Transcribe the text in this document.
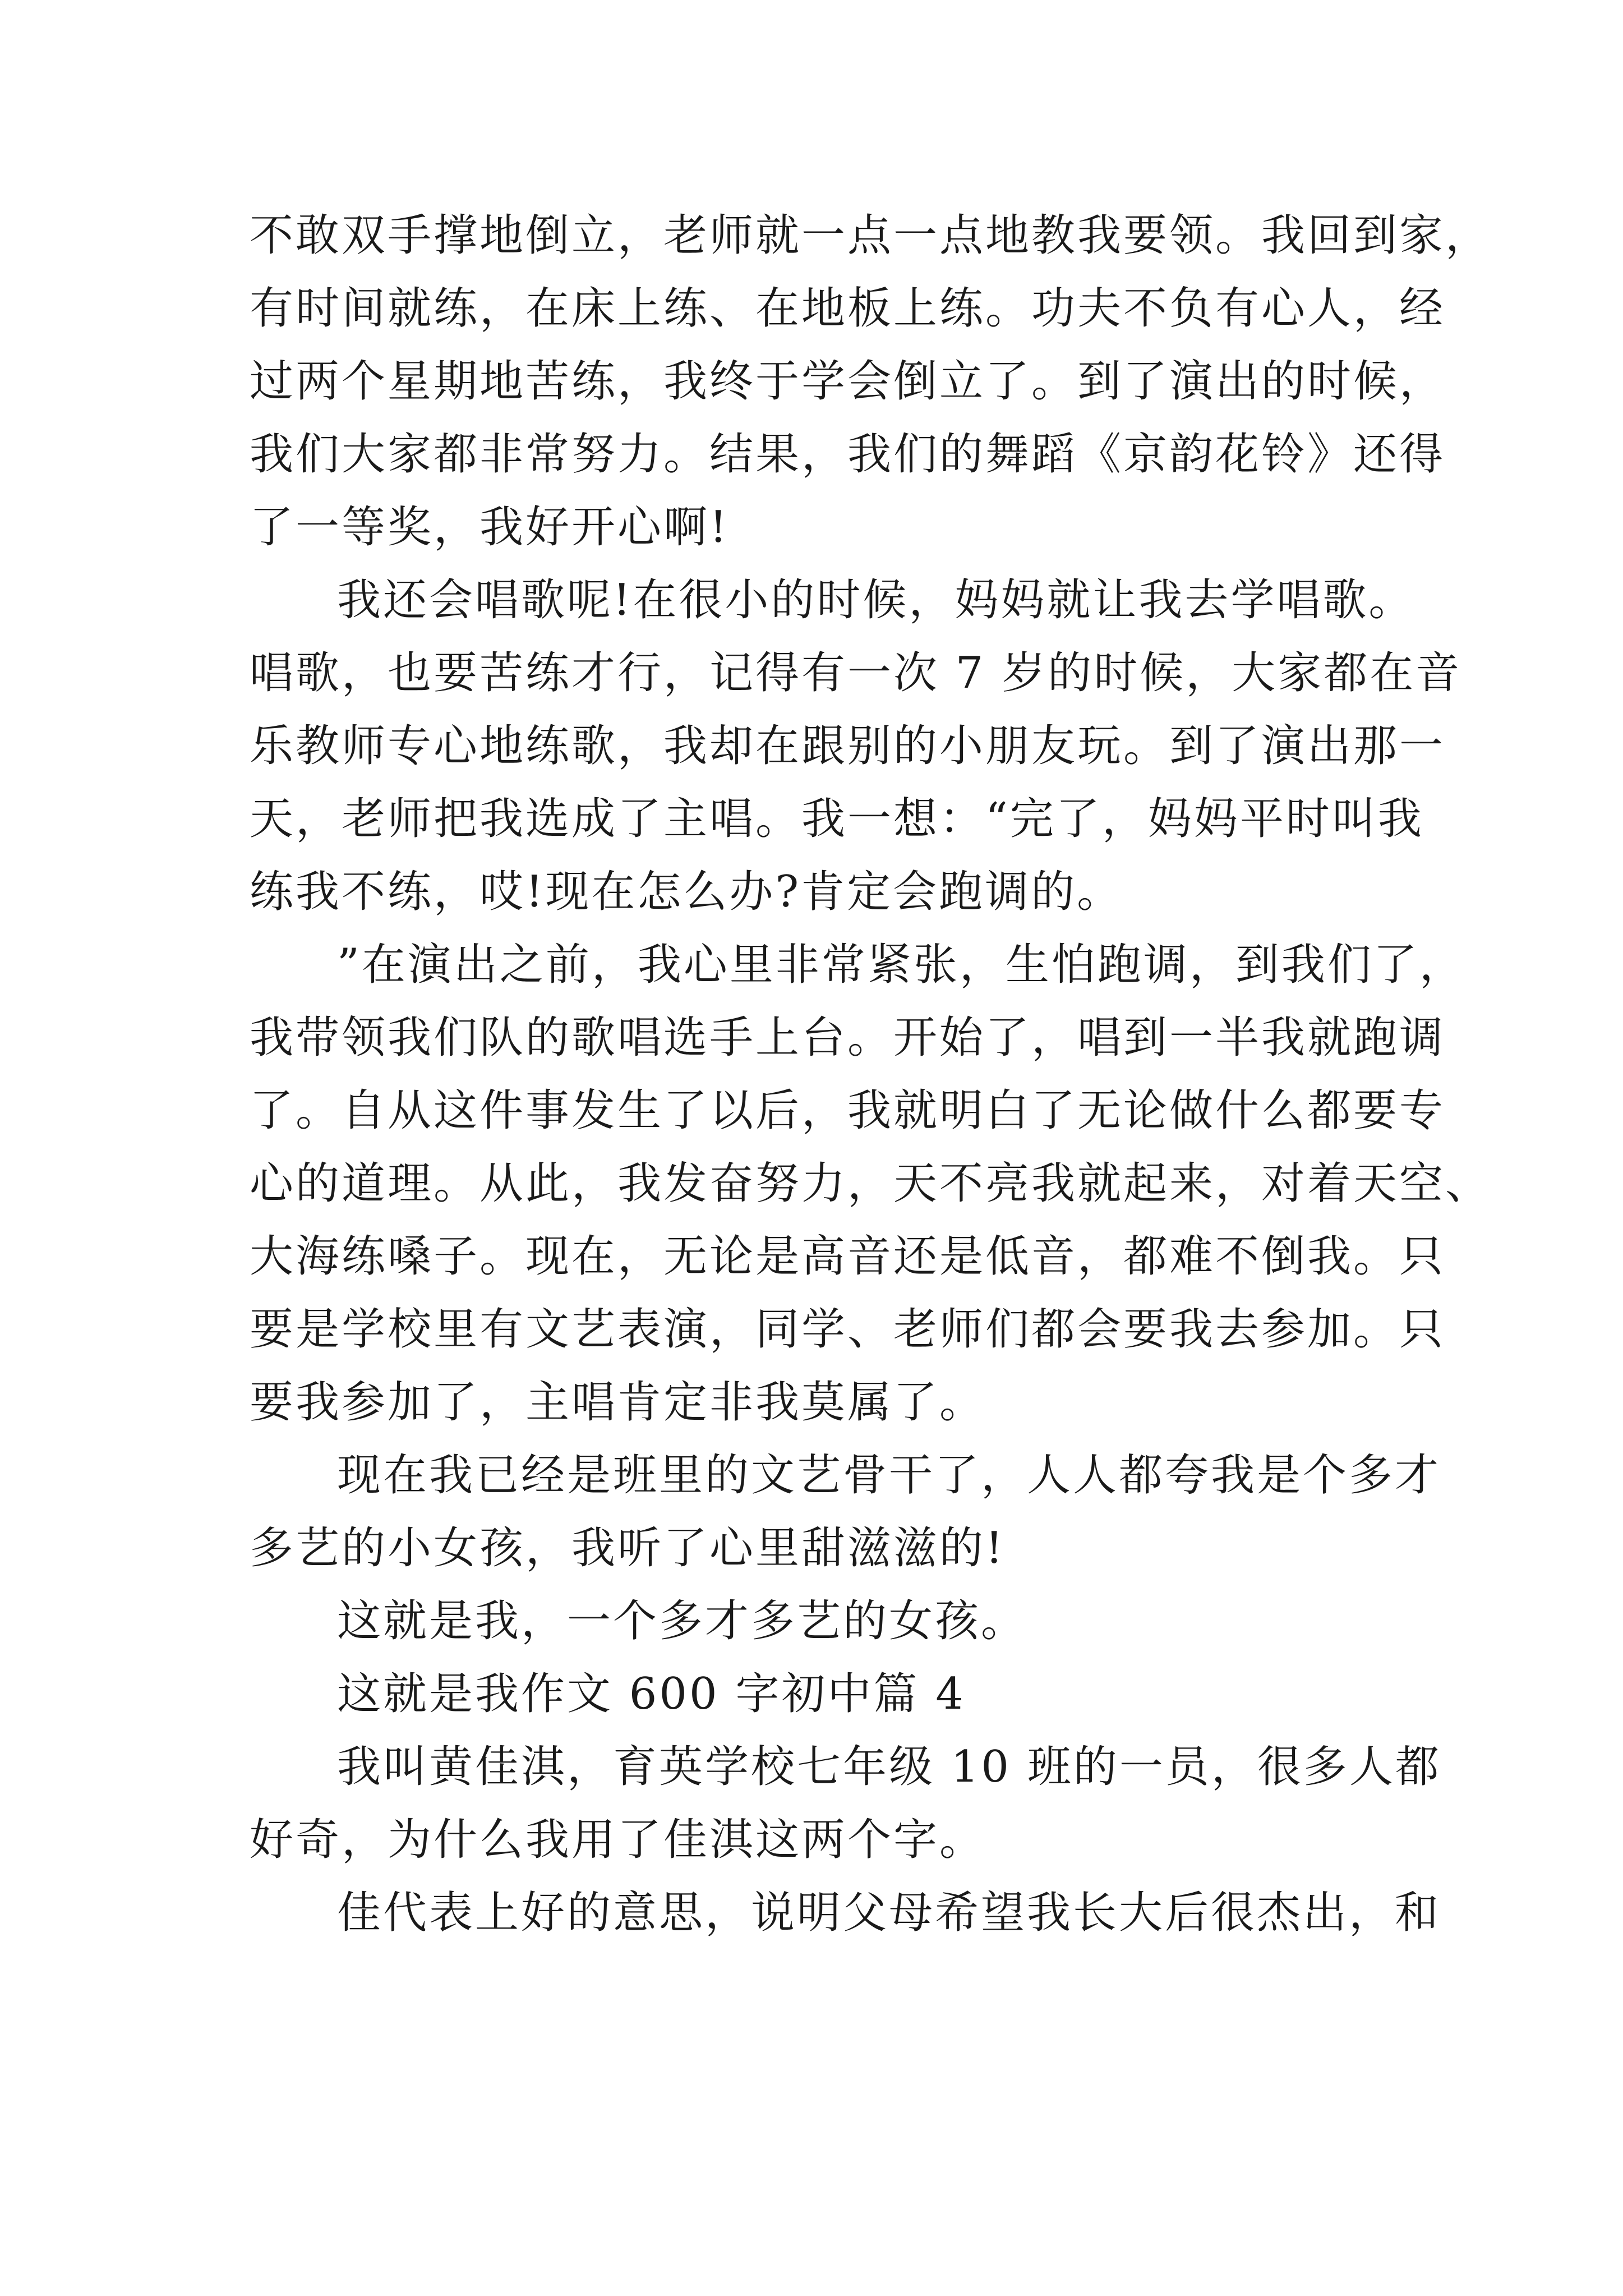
不敢双手撑地倒立，老师就一点一点地教我要领。我回到家，
有时间就练，在床上练、在地板上练。功夫不负有心人，经
过两个星期地苦练，我终于学会倒立了。到了演出的时候，
我们大家都非常努力。结果，我们的舞蹈《京韵花铃》还得
了一等奖，我好开心啊!
我还会唱歌呢!在很小的时候，妈妈就让我去学唱歌。
唱歌，也要苦练才行，记得有一次 7 岁的时候，大家都在音
乐教师专心地练歌，我却在跟别的小朋友玩。到了演出那一
天，老师把我选成了主唱。我一想：“完了，妈妈平时叫我
练我不练，哎!现在怎么办?肯定会跑调的。
”在演出之前，我心里非常紧张，生怕跑调，到我们了，
我带领我们队的歌唱选手上台。开始了，唱到一半我就跑调
了。自从这件事发生了以后，我就明白了无论做什么都要专
心的道理。从此，我发奋努力，天不亮我就起来，对着天空、
大海练嗓子。现在，无论是高音还是低音，都难不倒我。只
要是学校里有文艺表演，同学、老师们都会要我去参加。只
要我参加了，主唱肯定非我莫属了。
现在我已经是班里的文艺骨干了，人人都夸我是个多才
多艺的小女孩，我听了心里甜滋滋的!
这就是我，一个多才多艺的女孩。
这就是我作文 600 字初中篇 4
我叫黄佳淇，育英学校七年级 10 班的一员，很多人都
好奇，为什么我用了佳淇这两个字。
佳代表上好的意思，说明父母希望我长大后很杰出，和
